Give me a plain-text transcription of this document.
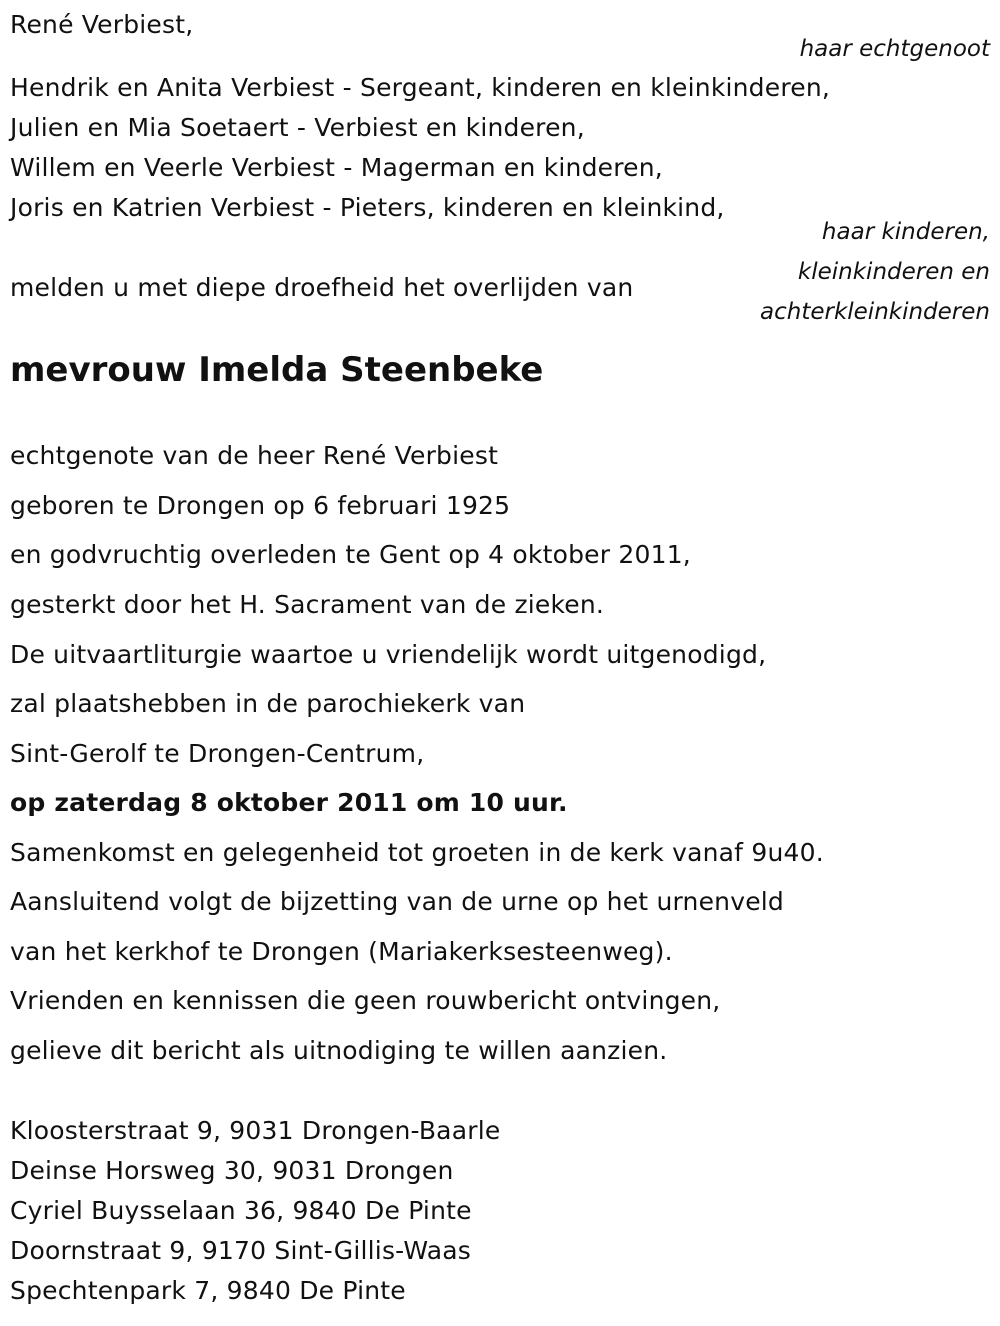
René Verbiest,
haar echtgenoot
Hendrik en Anita Verbiest - Sergeant, kinderen en kleinkinderen,
Julien en Mia Soetaert - Verbiest en kinderen,
Willem en Veerle Verbiest - Magerman en kinderen,
Joris en Katrien Verbiest - Pieters, kinderen en kleinkind,
haar kinderen,
kleinkinderen en
achterkleinkinderen
melden u met diepe droefheid het overlijden van
mevrouw Imelda Steenbeke
echtgenote van de heer René Verbiest
geboren te Drongen op 6 februari 1925
en godvruchtig overleden te Gent op 4 oktober 2011,
gesterkt door het H. Sacrament van de zieken.
De uitvaartliturgie waartoe u vriendelijk wordt uitgenodigd,
zal plaatshebben in de parochiekerk van
Sint-Gerolf te Drongen-Centrum,
op zaterdag 8 oktober 2011 om 10 uur.
Samenkomst en gelegenheid tot groeten in de kerk vanaf 9u40.
Aansluitend volgt de bijzetting van de urne op het urnenveld
van het kerkhof te Drongen (Mariakerksesteenweg).
Vrienden en kennissen die geen rouwbericht ontvingen,
gelieve dit bericht als uitnodiging te willen aanzien.
Kloosterstraat 9, 9031 Drongen-Baarle
Deinse Horsweg 30, 9031 Drongen
Cyriel Buysselaan 36, 9840 De Pinte
Doornstraat 9, 9170 Sint-Gillis-Waas
Spechtenpark 7, 9840 De Pinte
